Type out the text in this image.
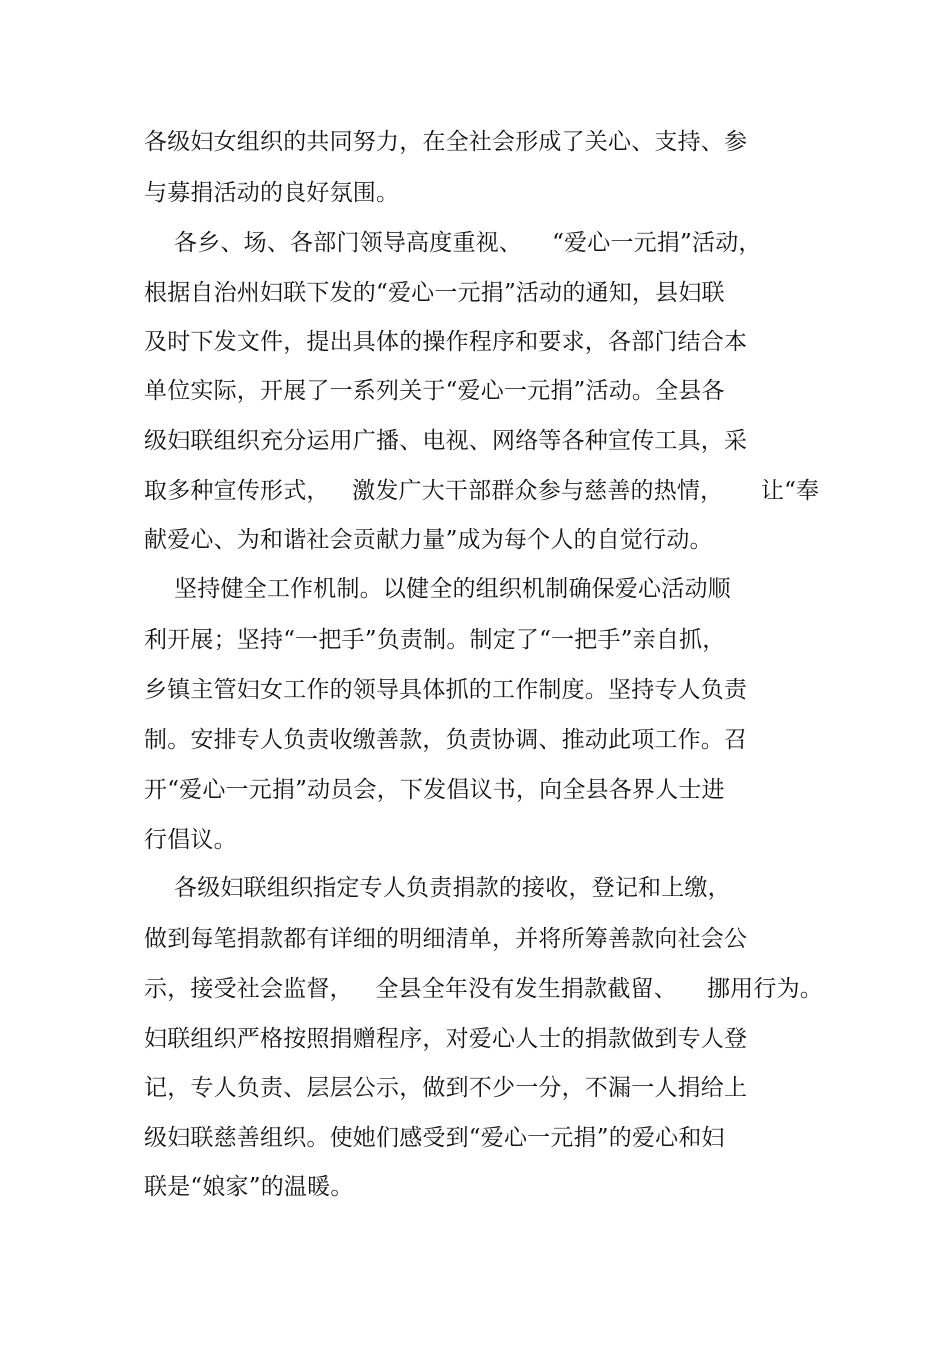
各级妇女组织的共同努力，在全社会形成了关心、支持、参
与募捐活动的良好氛围。
各乡、场、各部门领导高度重视、    “爱心一元捐”活动，
根据自治州妇联下发的“爱心一元捐”活动的通知，县妇联
及时下发文件，提出具体的操作程序和要求，各部门结合本
单位实际，开展了一系列关于“爱心一元捐”活动。全县各
级妇联组织充分运用广播、电视、网络等各种宣传工具，采
取多种宣传形式，   激发广大干部群众参与慈善的热情，     让“奉
献爱心、为和谐社会贡献力量”成为每个人的自觉行动。
坚持健全工作机制。以健全的组织机制确保爱心活动顺
利开展；坚持“一把手”负责制。制定了“一把手”亲自抓，
乡镇主管妇女工作的领导具体抓的工作制度。坚持专人负责
制。安排专人负责收缴善款，负责协调、推动此项工作。召
开“爱心一元捐”动员会，下发倡议书，向全县各界人士进
行倡议。
各级妇联组织指定专人负责捐款的接收，登记和上缴，
做到每笔捐款都有详细的明细清单，并将所筹善款向社会公
示，接受社会监督，   全县全年没有发生捐款截留、    挪用行为。
妇联组织严格按照捐赠程序，对爱心人士的捐款做到专人登
记，专人负责、层层公示，做到不少一分，不漏一人捐给上
级妇联慈善组织。使她们感受到“爱心一元捐”的爱心和妇
联是“娘家”的温暖。
